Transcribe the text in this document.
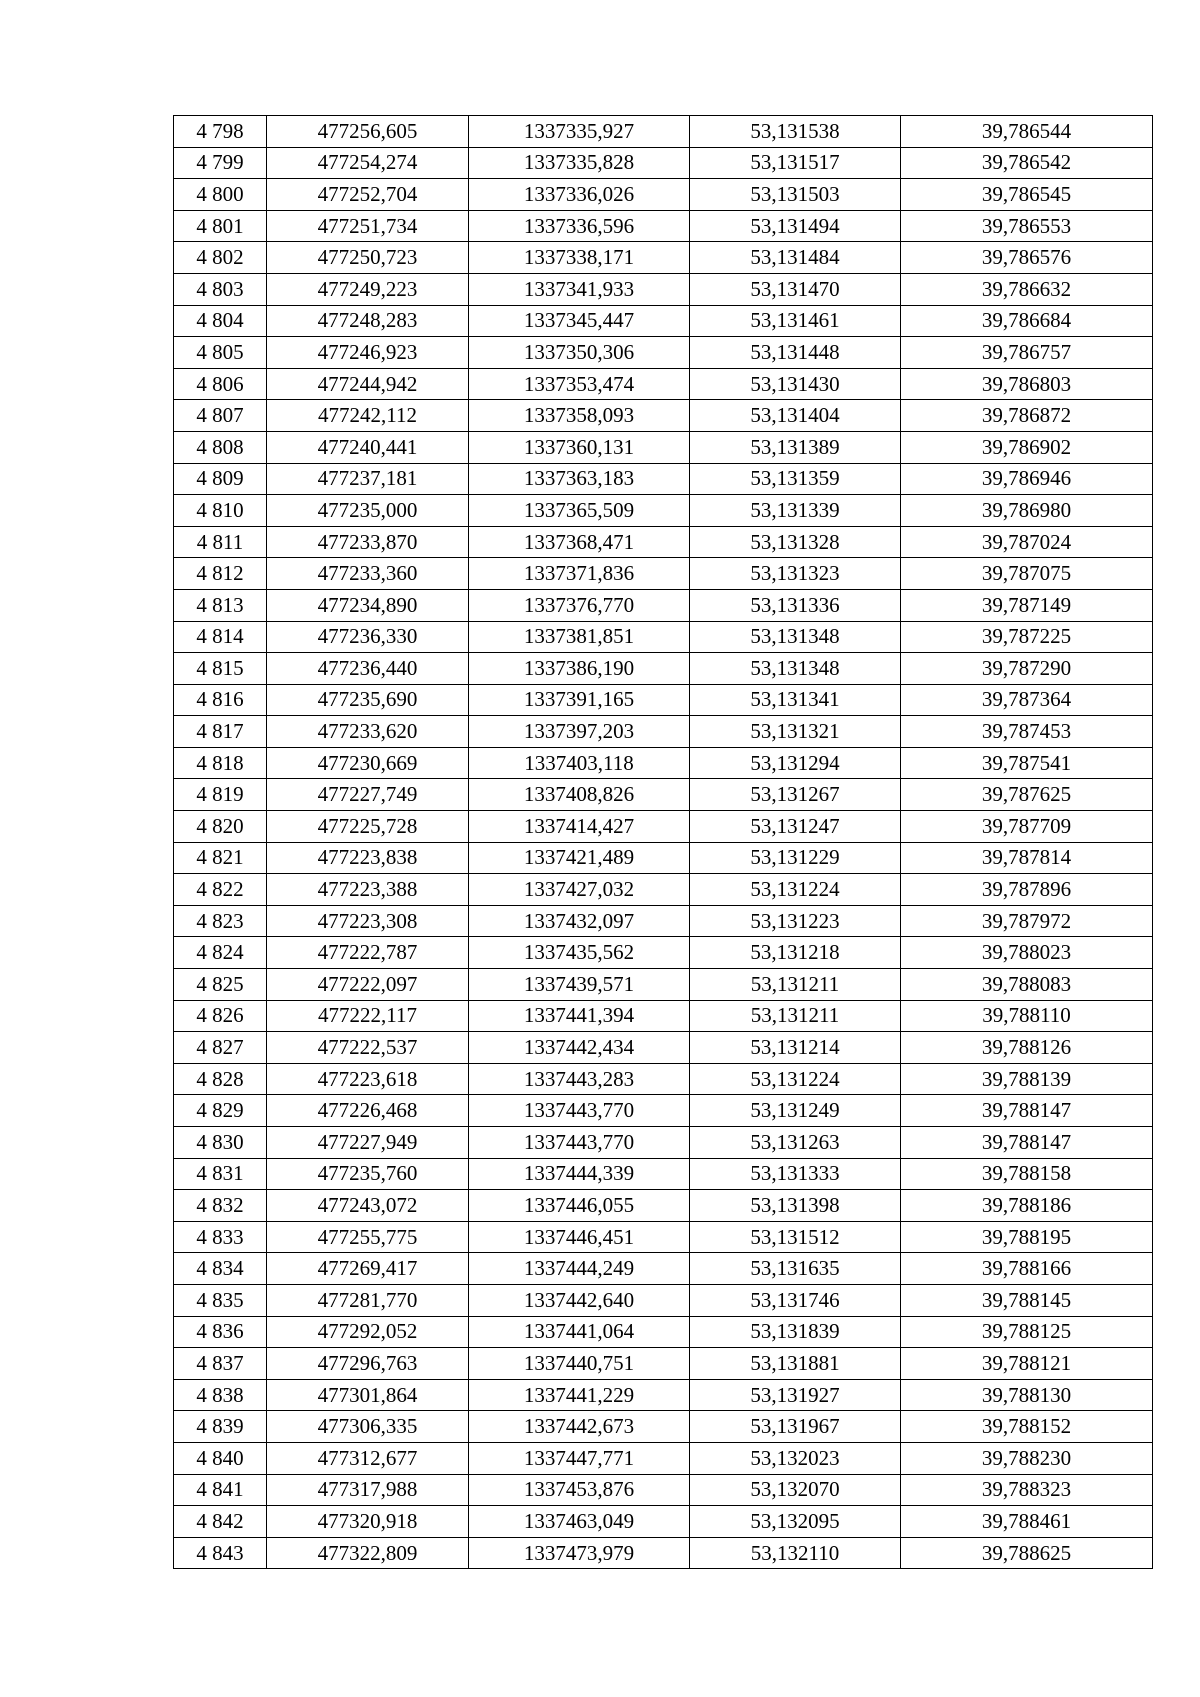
4 798	477256,605	1337335,927	53,131538	39,786544
4 799	477254,274	1337335,828	53,131517	39,786542
4 800	477252,704	1337336,026	53,131503	39,786545
4 801	477251,734	1337336,596	53,131494	39,786553
4 802	477250,723	1337338,171	53,131484	39,786576
4 803	477249,223	1337341,933	53,131470	39,786632
4 804	477248,283	1337345,447	53,131461	39,786684
4 805	477246,923	1337350,306	53,131448	39,786757
4 806	477244,942	1337353,474	53,131430	39,786803
4 807	477242,112	1337358,093	53,131404	39,786872
4 808	477240,441	1337360,131	53,131389	39,786902
4 809	477237,181	1337363,183	53,131359	39,786946
4 810	477235,000	1337365,509	53,131339	39,786980
4 811	477233,870	1337368,471	53,131328	39,787024
4 812	477233,360	1337371,836	53,131323	39,787075
4 813	477234,890	1337376,770	53,131336	39,787149
4 814	477236,330	1337381,851	53,131348	39,787225
4 815	477236,440	1337386,190	53,131348	39,787290
4 816	477235,690	1337391,165	53,131341	39,787364
4 817	477233,620	1337397,203	53,131321	39,787453
4 818	477230,669	1337403,118	53,131294	39,787541
4 819	477227,749	1337408,826	53,131267	39,787625
4 820	477225,728	1337414,427	53,131247	39,787709
4 821	477223,838	1337421,489	53,131229	39,787814
4 822	477223,388	1337427,032	53,131224	39,787896
4 823	477223,308	1337432,097	53,131223	39,787972
4 824	477222,787	1337435,562	53,131218	39,788023
4 825	477222,097	1337439,571	53,131211	39,788083
4 826	477222,117	1337441,394	53,131211	39,788110
4 827	477222,537	1337442,434	53,131214	39,788126
4 828	477223,618	1337443,283	53,131224	39,788139
4 829	477226,468	1337443,770	53,131249	39,788147
4 830	477227,949	1337443,770	53,131263	39,788147
4 831	477235,760	1337444,339	53,131333	39,788158
4 832	477243,072	1337446,055	53,131398	39,788186
4 833	477255,775	1337446,451	53,131512	39,788195
4 834	477269,417	1337444,249	53,131635	39,788166
4 835	477281,770	1337442,640	53,131746	39,788145
4 836	477292,052	1337441,064	53,131839	39,788125
4 837	477296,763	1337440,751	53,131881	39,788121
4 838	477301,864	1337441,229	53,131927	39,788130
4 839	477306,335	1337442,673	53,131967	39,788152
4 840	477312,677	1337447,771	53,132023	39,788230
4 841	477317,988	1337453,876	53,132070	39,788323
4 842	477320,918	1337463,049	53,132095	39,788461
4 843	477322,809	1337473,979	53,132110	39,788625
